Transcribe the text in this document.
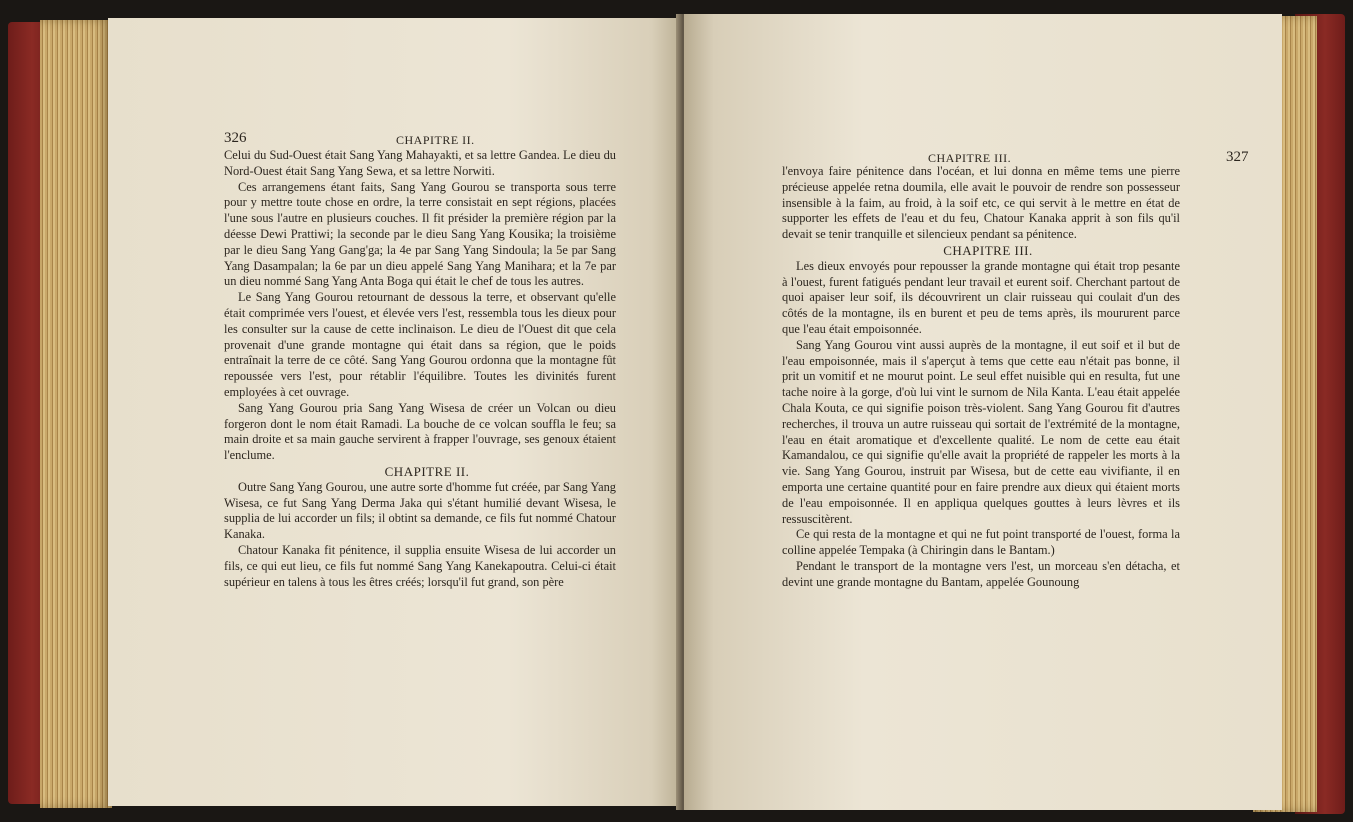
326	CHAPITRE II.

Celui du Sud-Ouest était Sang Yang Mahayakti, et sa lettre Gandea. Le dieu du Nord-Ouest était Sang Yang Sewa, et sa lettre Norwiti.

Ces arrangemens étant faits, Sang Yang Gourou se transporta sous terre pour y mettre toute chose en ordre, la terre consistait en sept régions, placées l'une sous l'autre en plusieurs couches. Il fit présider la première région par la déesse Dewi Prattiwi; la seconde par le dieu Sang Yang Kousika; la troisième par le dieu Sang Yang Gang'ga; la 4e par Sang Yang Sindoula; la 5e par Sang Yang Dasampalan; la 6e par un dieu appelé Sang Yang Manihara; et la 7e par un dieu nommé Sang Yang Anta Boga qui était le chef de tous les autres.

Le Sang Yang Gourou retournant de dessous la terre, et observant qu'elle était comprimée vers l'ouest, et élevée vers l'est, ressembla tous les dieux pour les consulter sur la cause de cette inclinaison. Le dieu de l'Ouest dit que cela provenait d'une grande montagne qui était dans sa région, que le poids entraînait la terre de ce côté. Sang Yang Gourou ordonna que la montagne fût repoussée vers l'est, pour rétablir l'équilibre. Toutes les divinités furent employées à cet ouvrage.

Sang Yang Gourou pria Sang Yang Wisesa de créer un Volcan ou dieu forgeron dont le nom était Ramadi. La bouche de ce volcan souffla le feu; sa main droite et sa main gauche servirent à frapper l'ouvrage, ses genoux étaient l'enclume.

CHAPITRE II.

Outre Sang Yang Gourou, une autre sorte d'homme fut créée, par Sang Yang Wisesa, ce fut Sang Yang Derma Jaka qui s'étant humilié devant Wisesa, le supplia de lui accorder un fils; il obtint sa demande, ce fils fut nommé Chatour Kanaka.

Chatour Kanaka fit pénitence, il supplia ensuite Wisesa de lui accorder un fils, ce qui eut lieu, ce fils fut nommé Sang Yang Kanekapoutra. Celui-ci était supérieur en talens à tous les êtres créés; lorsqu'il fut grand, son père

CHAPITRE III.	327

l'envoya faire pénitence dans l'océan, et lui donna en même tems une pierre précieuse appelée retna doumila, elle avait le pouvoir de rendre son possesseur insensible à la faim, au froid, à la soif etc, ce qui servit à le mettre en état de supporter les effets de l'eau et du feu, Chatour Kanaka apprit à son fils qu'il devait se tenir tranquille et silencieux pendant sa pénitence.

CHAPITRE III.

Les dieux envoyés pour repousser la grande montagne qui était trop pesante à l'ouest, furent fatigués pendant leur travail et eurent soif. Cherchant partout de quoi apaiser leur soif, ils découvrirent un clair ruisseau qui coulait d'un des côtés de la montagne, ils en burent et peu de tems après, ils moururent parce que l'eau était empoisonnée.

Sang Yang Gourou vint aussi auprès de la montagne, il eut soif et il but de l'eau empoisonnée, mais il s'aperçut à tems que cette eau n'était pas bonne, il prit un vomitif et ne mourut point. Le seul effet nuisible qui en resulta, fut une tache noire à la gorge, d'où lui vint le surnom de Nila Kanta. L'eau était appelée Chala Kouta, ce qui signifie poison très-violent. Sang Yang Gourou fit d'autres recherches, il trouva un autre ruisseau qui sortait de l'extrémité de la montagne, l'eau en était aromatique et d'excellente qualité. Le nom de cette eau était Kamandalou, ce qui signifie qu'elle avait la propriété de rappeler les morts à la vie. Sang Yang Gourou, instruit par Wisesa, but de cette eau vivifiante, il en emporta une certaine quantité pour en faire prendre aux dieux qui étaient morts de l'eau empoisonnée. Il en appliqua quelques gouttes à leurs lèvres et ils ressuscitèrent.

Ce qui resta de la montagne et qui ne fut point transporté de l'ouest, forma la colline appelée Tempaka (à Chiringin dans le Bantam.)

Pendant le transport de la montagne vers l'est, un morceau s'en détacha, et devint une grande montagne du Bantam, appelée Gounoung
